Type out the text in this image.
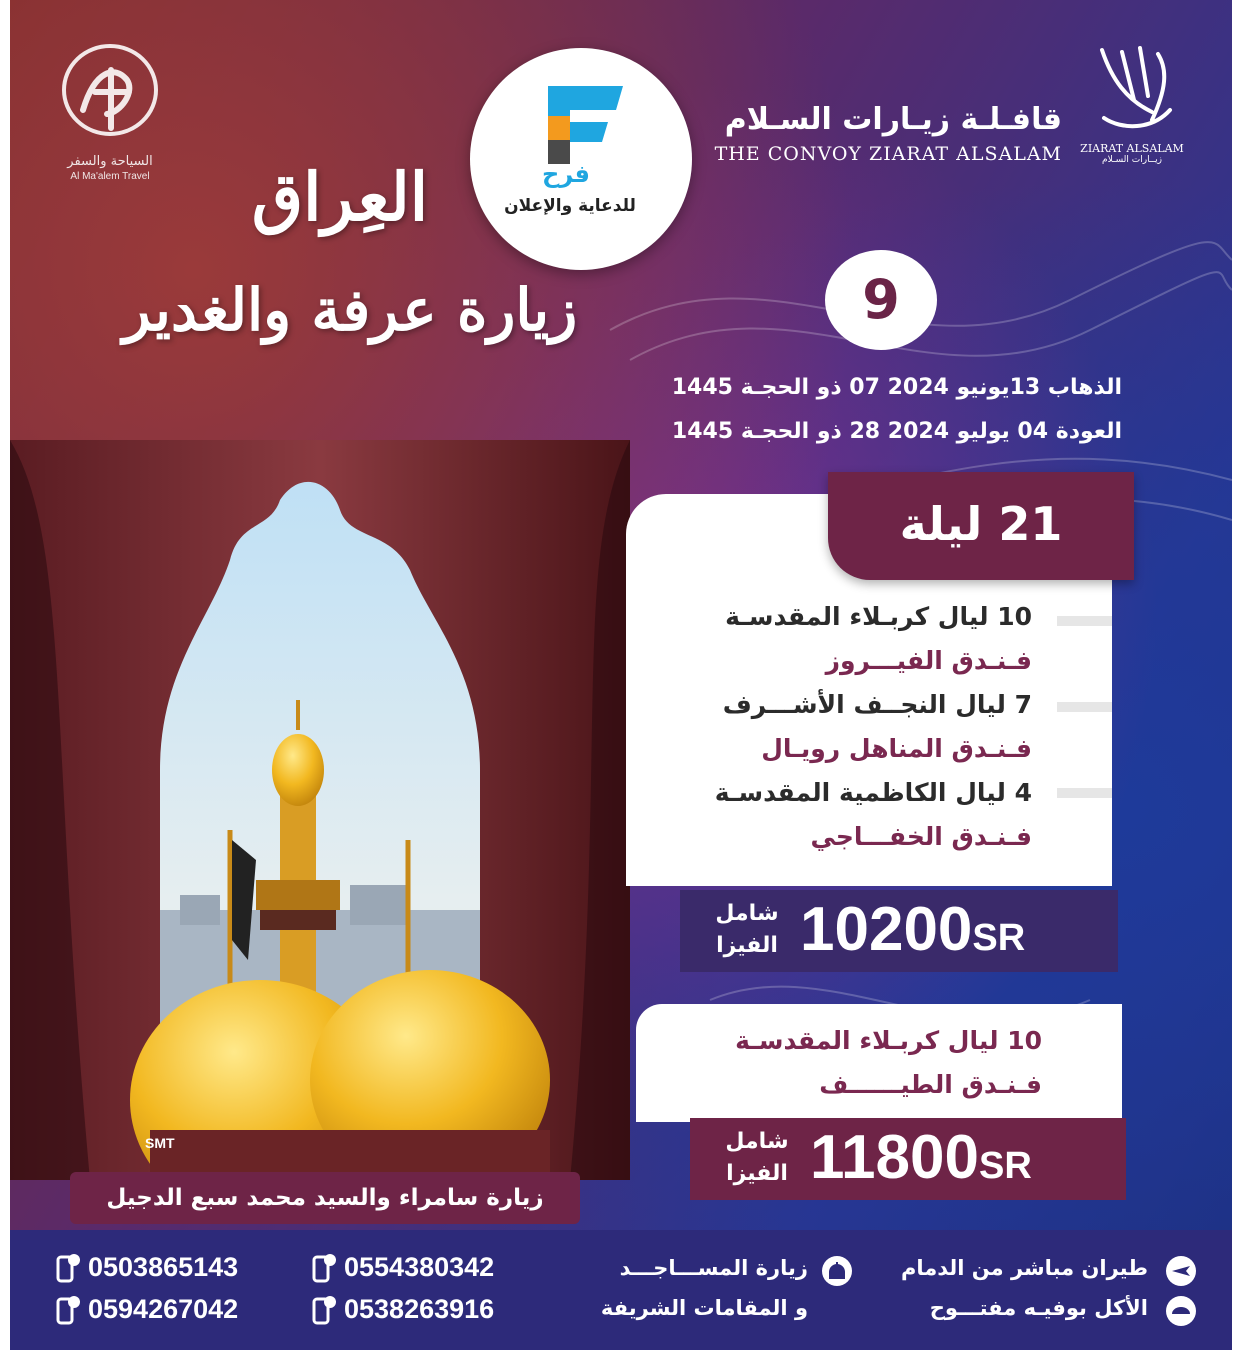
السياحة والسفر
Al Ma'alem Travel	فرح
للدعاية والإعلان
قافـلـة زيـارات السـلام
THE CONVOY ZIARAT ALSALAM	ZIARAT ALSALAM
زيــارات السـلام
العِراق
زيارة عرفة والغدير	9
الذهاب 13يونيو 2024 07 ذو الحجـة 1445
العودة 04 يوليو 2024 28 ذو الحجـة 1445
SMT
10 ليال كربـلاء المقدسـة
فـنـدق الفيـــروز
7 ليال النجــف الأشـــرف
فـنـدق المناهل رويـال
4 ليال الكاظمية المقدسـة
فـنـدق الخفـــاجي
21 ليلة
شامل
الفيزا 10200SR
10 ليال كربـلاء المقدسـة
فـنـدق الطيــــــف
شامل
الفيزا 11800SR
زيارة سامراء والسيد محمد سبع الدجيل
0503865143	0554380342
0594267042	0538263916
طيران مباشر من الدمام
الأكل بوفيـه مفتـــوح
زيارة المســـاجـــد
و المقامات الشريفة
